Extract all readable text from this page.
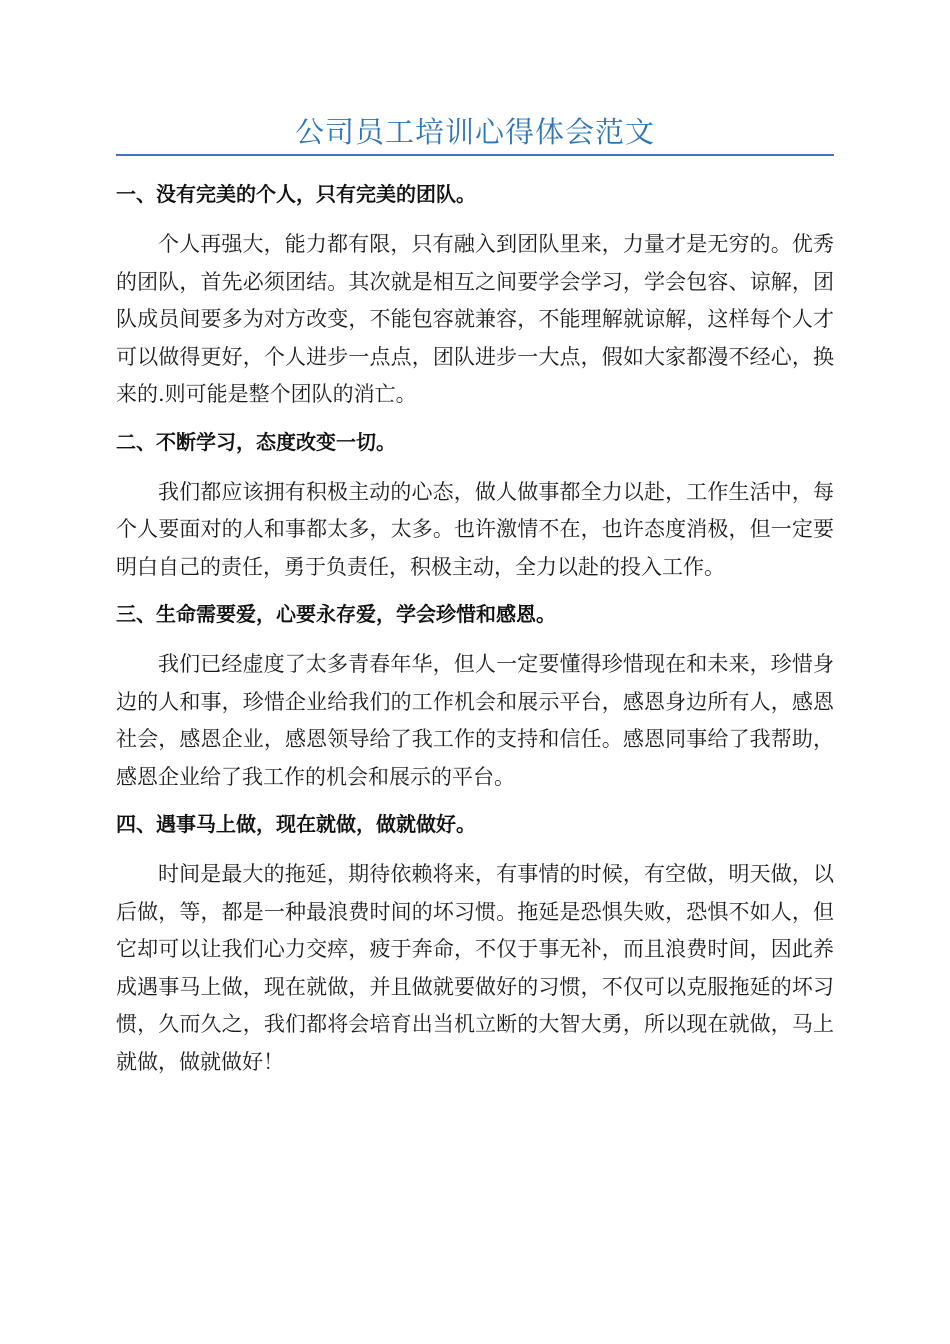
公司员工培训心得体会范文
一、没有完美的个人，只有完美的团队。

个人再强大，能力都有限，只有融入到团队里来，力量才是无穷的。优秀的团队，首先必须团结。其次就是相互之间要学会学习，学会包容、谅解，团队成员间要多为对方改变，不能包容就兼容，不能理解就谅解，这样每个人才可以做得更好，个人进步一点点，团队进步一大点，假如大家都漫不经心，换来的.则可能是整个团队的消亡。

二、不断学习，态度改变一切。

我们都应该拥有积极主动的心态，做人做事都全力以赴，工作生活中，每个人要面对的人和事都太多，太多。也许激情不在，也许态度消极，但一定要明白自己的责任，勇于负责任，积极主动，全力以赴的投入工作。

三、生命需要爱，心要永存爱，学会珍惜和感恩。

我们已经虚度了太多青春年华，但人一定要懂得珍惜现在和未来，珍惜身边的人和事，珍惜企业给我们的工作机会和展示平台，感恩身边所有人，感恩社会，感恩企业，感恩领导给了我工作的支持和信任。感恩同事给了我帮助，感恩企业给了我工作的机会和展示的平台。

四、遇事马上做，现在就做，做就做好。

时间是最大的拖延，期待依赖将来，有事情的时候，有空做，明天做，以后做，等，都是一种最浪费时间的坏习惯。拖延是恐惧失败，恐惧不如人，但它却可以让我们心力交瘁，疲于奔命，不仅于事无补，而且浪费时间，因此养成遇事马上做，现在就做，并且做就要做好的习惯，不仅可以克服拖延的坏习惯，久而久之，我们都将会培育出当机立断的大智大勇，所以现在就做，马上就做，做就做好！
